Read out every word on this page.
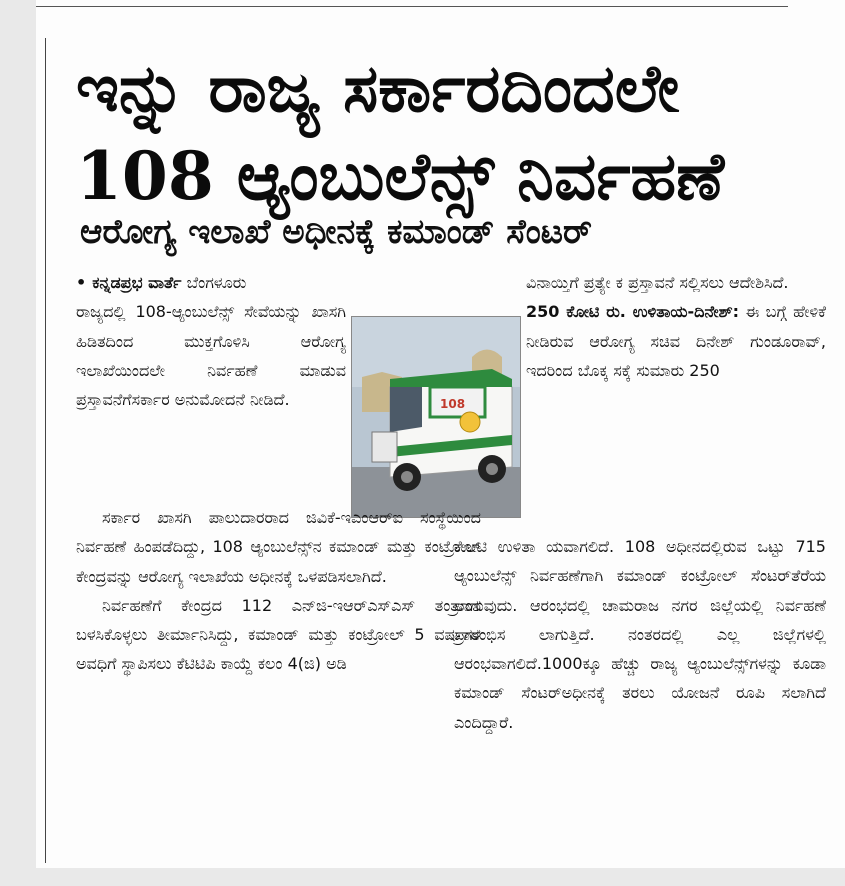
ಇನ್ನು ರಾಜ್ಯ ಸರ್ಕಾರದಿಂದಲೇ
108 ಆ್ಯಂಬುಲೆನ್ಸ್ ನಿರ್ವಹಣೆ
ಆರೋಗ್ಯ ಇಲಾಖೆ ಅಧೀನಕ್ಕೆ ಕಮಾಂಡ್ ಸೆಂಟರ್

• ಕನ್ನಡಪ್ರಭ ವಾರ್ತೆ ಬೆಂಗಳೂರು

ರಾಜ್ಯದಲ್ಲಿ 108-ಆ್ಯಂಬುಲೆನ್ಸ್ ಸೇವೆಯನ್ನು ಖಾಸಗಿ ಹಿಡಿತದಿಂದ ಮುಕ್ತಗೊಳಿಸಿ ಆರೋಗ್ಯ ಇಲಾಖೆಯಿಂದಲೇ ನಿರ್ವಹಣೆ ಮಾಡುವ ಪ್ರಸ್ತಾವನೆಗೆಸರ್ಕಾರ ಅನುಮೋದನೆ ನೀಡಿದೆ.	108

ಸರ್ಕಾರ ಖಾಸಗಿ ಪಾಲುದಾರರಾದ ಜಿವಿಕೆ-ಇಎಂಆರ್‌ಐ ಸಂಸ್ಥೆಯಿಂದ ನಿರ್ವಹಣೆ ಹಿಂಪಡೆದಿದ್ದು, 108 ಆ್ಯಂಬುಲೆನ್ಸ್‌ನ ಕಮಾಂಡ್ ಮತ್ತು ಕಂಟ್ರೋಲ್ ಕೇಂದ್ರವನ್ನು ಆರೋಗ್ಯ ಇಲಾಖೆಯ ಅಧೀನಕ್ಕೆ ಒಳಪಡಿಸಲಾಗಿದೆ.

ನಿರ್ವಹಣೆಗೆ ಕೇಂದ್ರದ 112 ಎನ್‌ಜಿ-ಇಆರ್‌ಎಸ್‌ಎಸ್ ತಂತ್ರಾಂಶ ಬಳಸಿಕೊಳ್ಳಲು ತೀರ್ಮಾನಿಸಿದ್ದು, ಕಮಾಂಡ್ ಮತ್ತು ಕಂಟ್ರೋಲ್ 5 ವರ್ಷಗಳ ಅವಧಿಗೆ ಸ್ಥಾಪಿಸಲು ಕೆಟಿಟಿಪಿ ಕಾಯ್ದೆ ಕಲಂ 4(ಜಿ) ಅಡಿ

ವಿನಾಯ್ತಿಗೆ ಪ್ರತ್ಯೇ ಕ ಪ್ರಸ್ತಾವನೆ ಸಲ್ಲಿಸಲು ಆದೇಶಿಸಿದೆ.

250 ಕೋಟಿ ರು. ಉಳಿತಾಯ-ದಿನೇಶ್: ಈ ಬಗ್ಗೆ ಹೇಳಿಕೆ ನೀಡಿರುವ ಆರೋಗ್ಯ ಸಚಿವ ದಿನೇಶ್ ಗುಂಡೂರಾವ್, ಇದರಿಂದ ಬೊಕ್ಕ ಸಕ್ಕೆ ಸುಮಾರು 250

ಕೋಟಿ ಉಳಿತಾ ಯವಾಗಲಿದೆ. 108 ಅಧೀನದಲ್ಲಿರುವ ಒಟ್ಟು 715 ಆ್ಯಂಬುಲೆನ್ಸ್ ನಿರ್ವಹಣೆಗಾಗಿ ಕಮಾಂಡ್ ಕಂಟ್ರೋಲ್ ಸೆಂಟರ್‌ತೆರೆಯ ಲಾಗುವುದು. ಆರಂಭದಲ್ಲಿ ಚಾಮರಾಜ ನಗರ ಜಿಲ್ಲೆಯಲ್ಲಿ ನಿರ್ವಹಣೆ ಪ್ರಾರಂಭಿಸ ಲಾಗುತ್ತಿದೆ. ನಂತರದಲ್ಲಿ ಎಲ್ಲ ಜಿಲ್ಲೆಗಳಲ್ಲಿ ಆರಂಭವಾಗಲಿದೆ.1000ಕ್ಕೂ ಹೆಚ್ಚು ರಾಜ್ಯ ಆ್ಯಂಬುಲೆನ್ಸ್‌ಗಳನ್ನು ಕೂಡಾ ಕಮಾಂಡ್ ಸೆಂಟರ್‌ಅಧೀನಕ್ಕೆ ತರಲು ಯೋಜನೆ ರೂಪಿ ಸಲಾಗಿದೆ ಎಂದಿದ್ದಾರೆ.
